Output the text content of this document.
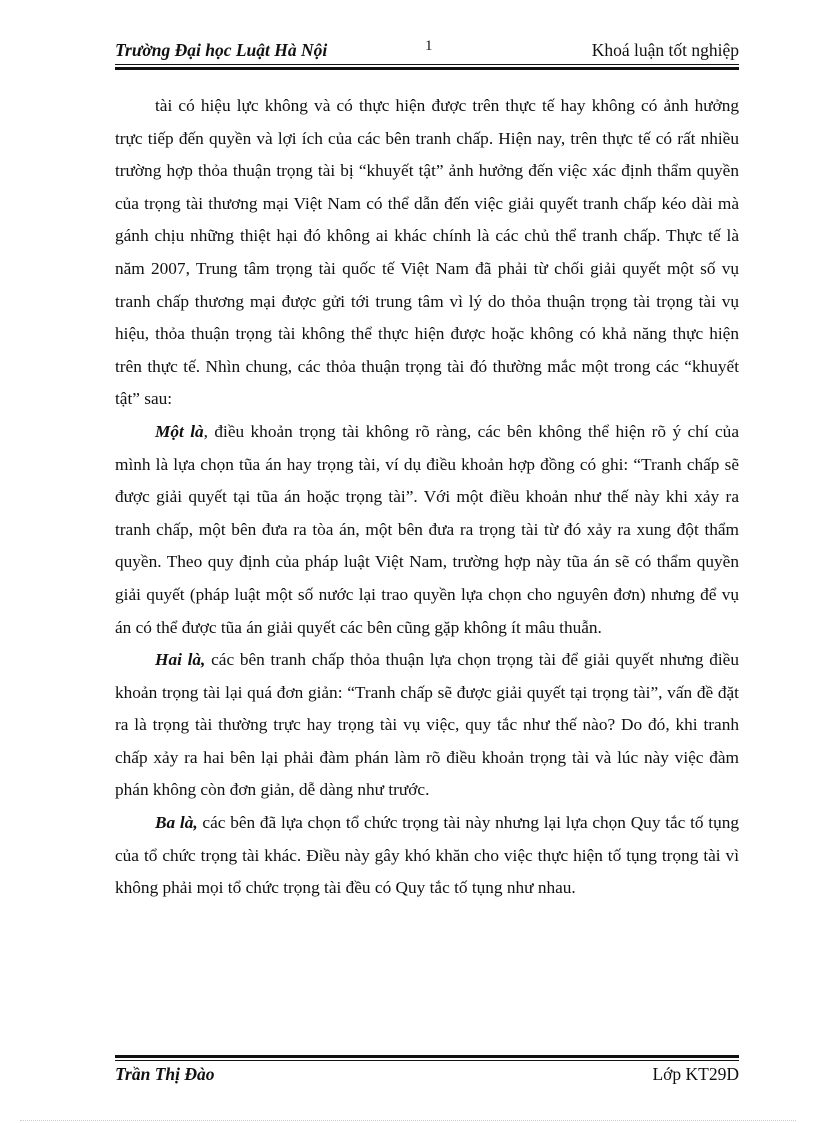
Trường Đại học Luật Hà Nội	1	Khoá luận tốt nghiệp

tài có hiệu lực không và có thực hiện được trên thực tế hay không có ảnh hưởng trực tiếp đến quyền và lợi ích của các bên tranh chấp. Hiện nay, trên thực tế có rất nhiều trường hợp thỏa thuận trọng tài bị “khuyết tật” ảnh hưởng đến việc xác định thẩm quyền của trọng tài thương mại Việt Nam có thể dẫn đến việc giải quyết tranh chấp kéo dài mà gánh chịu những thiệt hại đó không ai khác chính là các chủ thể tranh chấp. Thực tế là năm 2007, Trung tâm trọng tài quốc tế Việt Nam đã phải từ chối giải quyết một số vụ tranh chấp thương mại được gửi tới trung tâm vì lý do thỏa thuận trọng tài trọng tài vụ hiệu, thỏa thuận trọng tài không thể thực hiện được hoặc không có khả năng thực hiện trên thực tế. Nhìn chung, các thỏa thuận trọng tài đó thường mắc một trong các “khuyết tật” sau:

Một là, điều khoản trọng tài không rõ ràng, các bên không thể hiện rõ ý chí của mình là lựa chọn tũa án hay trọng tài, ví dụ điều khoản hợp đồng có ghi: “Tranh chấp sẽ được giải quyết tại tũa án hoặc trọng tài”. Với một điều khoản như thế này khi xảy ra tranh chấp, một bên đưa ra tòa án, một bên đưa ra trọng tài từ đó xảy ra xung đột thẩm quyền. Theo quy định của pháp luật Việt Nam, trường hợp này tũa án sẽ có thẩm quyền giải quyết (pháp luật một số nước lại trao quyền lựa chọn cho nguyên đơn) nhưng để vụ án có thể được tũa án giải quyết các bên cũng gặp không ít mâu thuẫn.

Hai là, các bên tranh chấp thỏa thuận lựa chọn trọng tài để giải quyết nhưng điều khoản trọng tài lại quá đơn giản: “Tranh chấp sẽ được giải quyết tại trọng tài”, vấn đề đặt ra là trọng tài thường trực hay trọng tài vụ việc, quy tắc như thế nào? Do đó, khi tranh chấp xảy ra hai bên lại phải đàm phán làm rõ điều khoản trọng tài và lúc này việc đàm phán không còn đơn giản, dễ dàng như trước.

Ba là, các bên đã lựa chọn tổ chức trọng tài này nhưng lại lựa chọn Quy tắc tố tụng của tổ chức trọng tài khác. Điều này gây khó khăn cho việc thực hiện tố tụng trọng tài vì không phải mọi tổ chức trọng tài đều có Quy tắc tố tụng như nhau.

Trần Thị Đào	Lớp KT29D
